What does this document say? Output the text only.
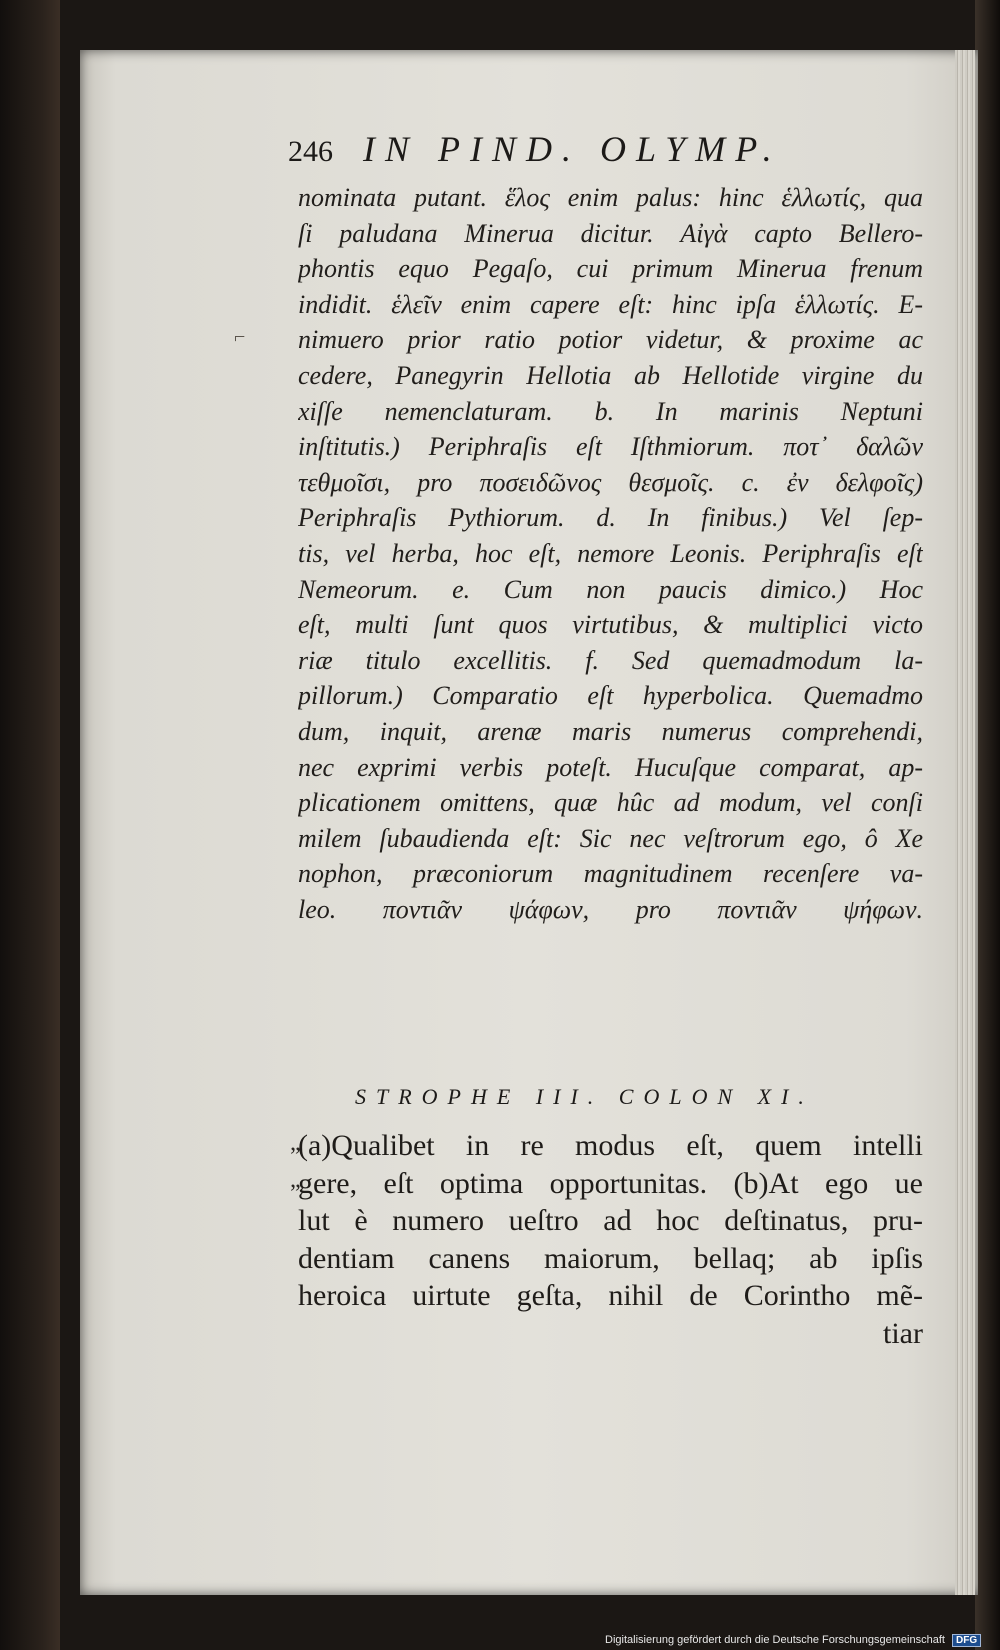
246 IN PIND. OLYMP.
⌐
nominata putant. ἕλος enim palus: hinc ἑλλωτίς, qua
ſi paludana Minerua dicitur. Αἰγὰ capto Bellero-
phontis equo Pegaſo, cui primum Minerua frenum
indidit. ἑλεῖν enim capere eſt: hinc ipſa ἑλλωτίς. E-
nimuero prior ratio potior videtur, & proxime ac
cedere, Panegyrin Hellotia ab Hellotide virgine du
xiſſe nemenclaturam. b. In marinis Neptuni
inſtitutis.) Periphraſis eſt Iſthmiorum. ποτ᾽ δαλῶν
τεθμοῖσι, pro ποσειδῶνος θεσμοῖς. c. ἐν δελφοῖς)
Periphraſis Pythiorum. d. In finibus.) Vel ſep-
tis, vel herba, hoc eſt, nemore Leonis. Periphraſis eſt
Nemeorum. e. Cum non paucis dimico.) Hoc
eſt, multi ſunt quos virtutibus, & multiplici victo
riæ titulo excellitis. f. Sed quemadmodum la-
pillorum.) Comparatio eſt hyperbolica. Quemadmo
dum, inquit, arenæ maris numerus comprehendi,
nec exprimi verbis poteſt. Hucuſque comparat, ap-
plicationem omittens, quæ hûc ad modum, vel conſi
milem ſubaudienda eſt: Sic nec veſtrorum ego, ô Xe
nophon, præconiorum magnitudinem recenſere va-
leo. ποντιᾶν ψάφων, pro ποντιᾶν ψήφων.
STROPHE III. COLON XI.
„
„
(a)Qualibet in re modus eſt, quem intelli
gere, eſt optima opportunitas. (b)At ego ue
lut è numero ueſtro ad hoc deſtinatus, pru-
dentiam canens maiorum, bellaq; ab ipſis
heroica uirtute geſta, nihil de Corintho mẽ-
tiar
Digitalisierung gefördert durch die Deutsche Forschungsgemeinschaft DFG
